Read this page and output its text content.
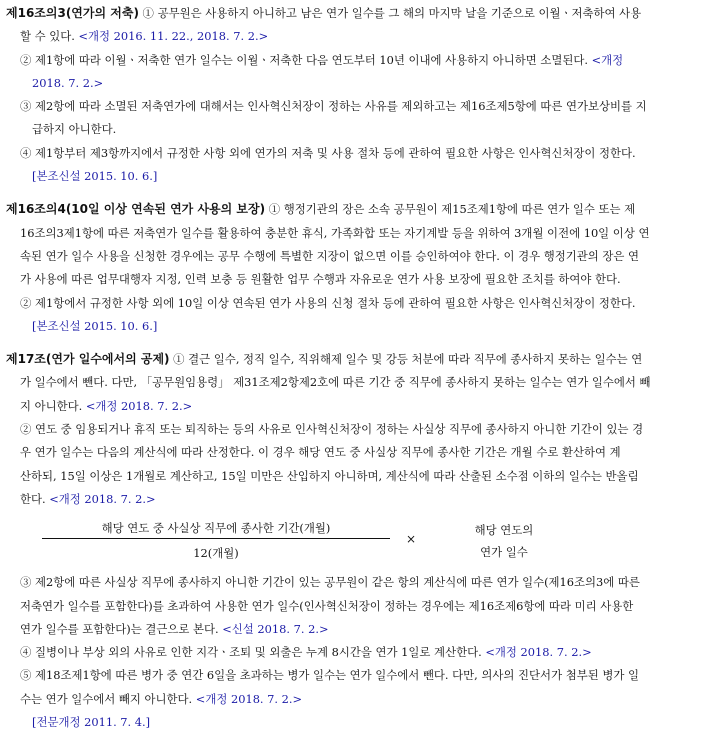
제16조의3(연가의 저축) ① 공무원은 사용하지 아니하고 남은 연가 일수를 그 해의 마지막 날을 기준으로 이월ㆍ저축하여 사용
할 수 있다. <개정 2016. 11. 22., 2018. 7. 2.>
② 제1항에 따라 이월ㆍ저축한 연가 일수는 이월ㆍ저축한 다음 연도부터 10년 이내에 사용하지 아니하면 소멸된다. <개정
2018. 7. 2.>
③ 제2항에 따라 소멸된 저축연가에 대해서는 인사혁신처장이 정하는 사유를 제외하고는 제16조제5항에 따른 연가보상비를 지
급하지 아니한다.
④ 제1항부터 제3항까지에서 규정한 사항 외에 연가의 저축 및 사용 절차 등에 관하여 필요한 사항은 인사혁신처장이 정한다.
[본조신설 2015. 10. 6.]
제16조의4(10일 이상 연속된 연가 사용의 보장) ① 행정기관의 장은 소속 공무원이 제15조제1항에 따른 연가 일수 또는 제
16조의3제1항에 따른 저축연가 일수를 활용하여 충분한 휴식, 가족화합 또는 자기계발 등을 위하여 3개월 이전에 10일 이상 연
속된 연가 일수 사용을 신청한 경우에는 공무 수행에 특별한 지장이 없으면 이를 승인하여야 한다. 이 경우 행정기관의 장은 연
가 사용에 따른 업무대행자 지정, 인력 보충 등 원활한 업무 수행과 자유로운 연가 사용 보장에 필요한 조치를 하여야 한다.
② 제1항에서 규정한 사항 외에 10일 이상 연속된 연가 사용의 신청 절차 등에 관하여 필요한 사항은 인사혁신처장이 정한다.
[본조신설 2015. 10. 6.]
제17조(연가 일수에서의 공제) ① 결근 일수, 정직 일수, 직위해제 일수 및 강등 처분에 따라 직무에 종사하지 못하는 일수는 연
가 일수에서 뺀다. 다만, 「공무원임용령」 제31조제2항제2호에 따른 기간 중 직무에 종사하지 못하는 일수는 연가 일수에서 빼
지 아니한다. <개정 2018. 7. 2.>
② 연도 중 임용되거나 휴직 또는 퇴직하는 등의 사유로 인사혁신처장이 정하는 사실상 직무에 종사하지 아니한 기간이 있는 경
우 연가 일수는 다음의 계산식에 따라 산정한다. 이 경우 해당 연도 중 사실상 직무에 종사한 기간은 개월 수로 환산하여 계
산하되, 15일 이상은 1개월로 계산하고, 15일 미만은 산입하지 아니하며, 계산식에 따라 산출된 소수점 이하의 일수는 반올림
한다. <개정 2018. 7. 2.>
해당 연도 중 사실상 직무에 종사한 기간(개월)
12(개월)
×
해당 연도의
연가 일수
③ 제2항에 따른 사실상 직무에 종사하지 아니한 기간이 있는 공무원이 같은 항의 계산식에 따른 연가 일수(제16조의3에 따른
저축연가 일수를 포함한다)를 초과하여 사용한 연가 일수(인사혁신처장이 정하는 경우에는 제16조제6항에 따라 미리 사용한
연가 일수를 포함한다)는 결근으로 본다. <신설 2018. 7. 2.>
④ 질병이나 부상 외의 사유로 인한 지각ㆍ조퇴 및 외출은 누계 8시간을 연가 1일로 계산한다. <개정 2018. 7. 2.>
⑤ 제18조제1항에 따른 병가 중 연간 6일을 초과하는 병가 일수는 연가 일수에서 뺀다. 다만, 의사의 진단서가 첨부된 병가 일
수는 연가 일수에서 빼지 아니한다. <개정 2018. 7. 2.>
[전문개정 2011. 7. 4.]
